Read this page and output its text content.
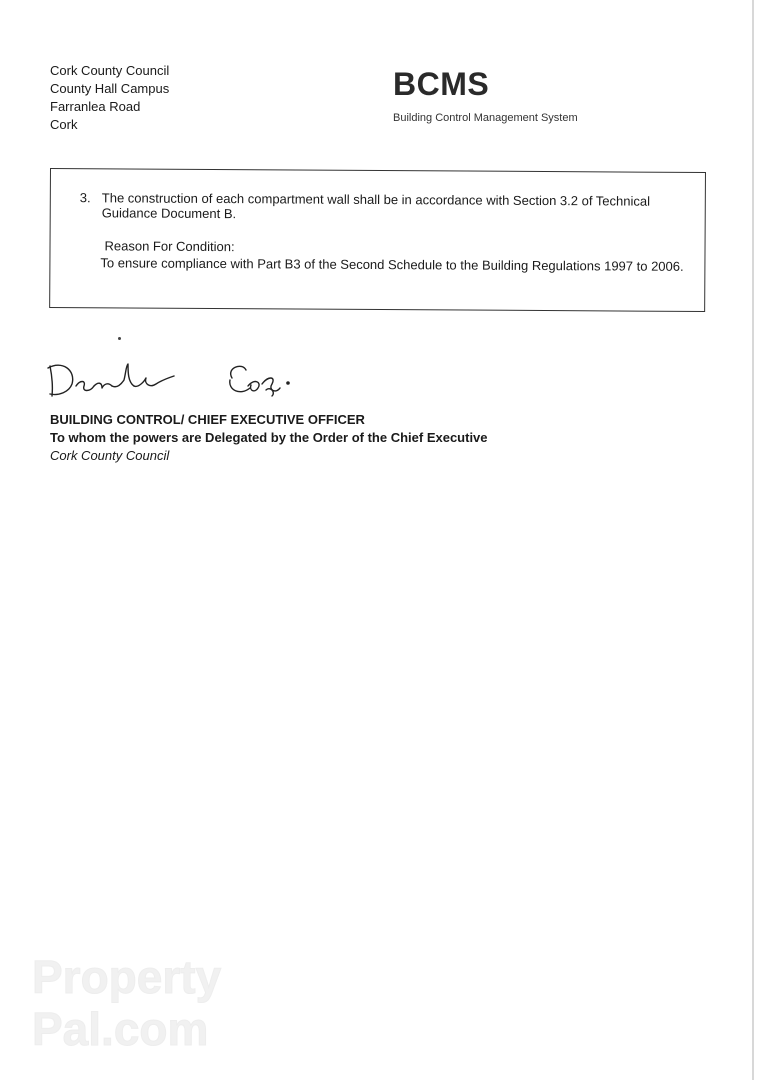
Cork County Council
County Hall Campus
Farranlea Road
Cork
BCMS
Building Control Management System
3. The construction of each compartment wall shall be in accordance with Section 3.2 of Technical Guidance Document B.
Reason For Condition:
To ensure compliance with Part B3 of the Second Schedule to the Building Regulations 1997 to 2006.
BUILDING CONTROL/ CHIEF EXECUTIVE OFFICER
To whom the powers are Delegated by the Order of the Chief Executive
Cork County Council
Property
Pal.com
